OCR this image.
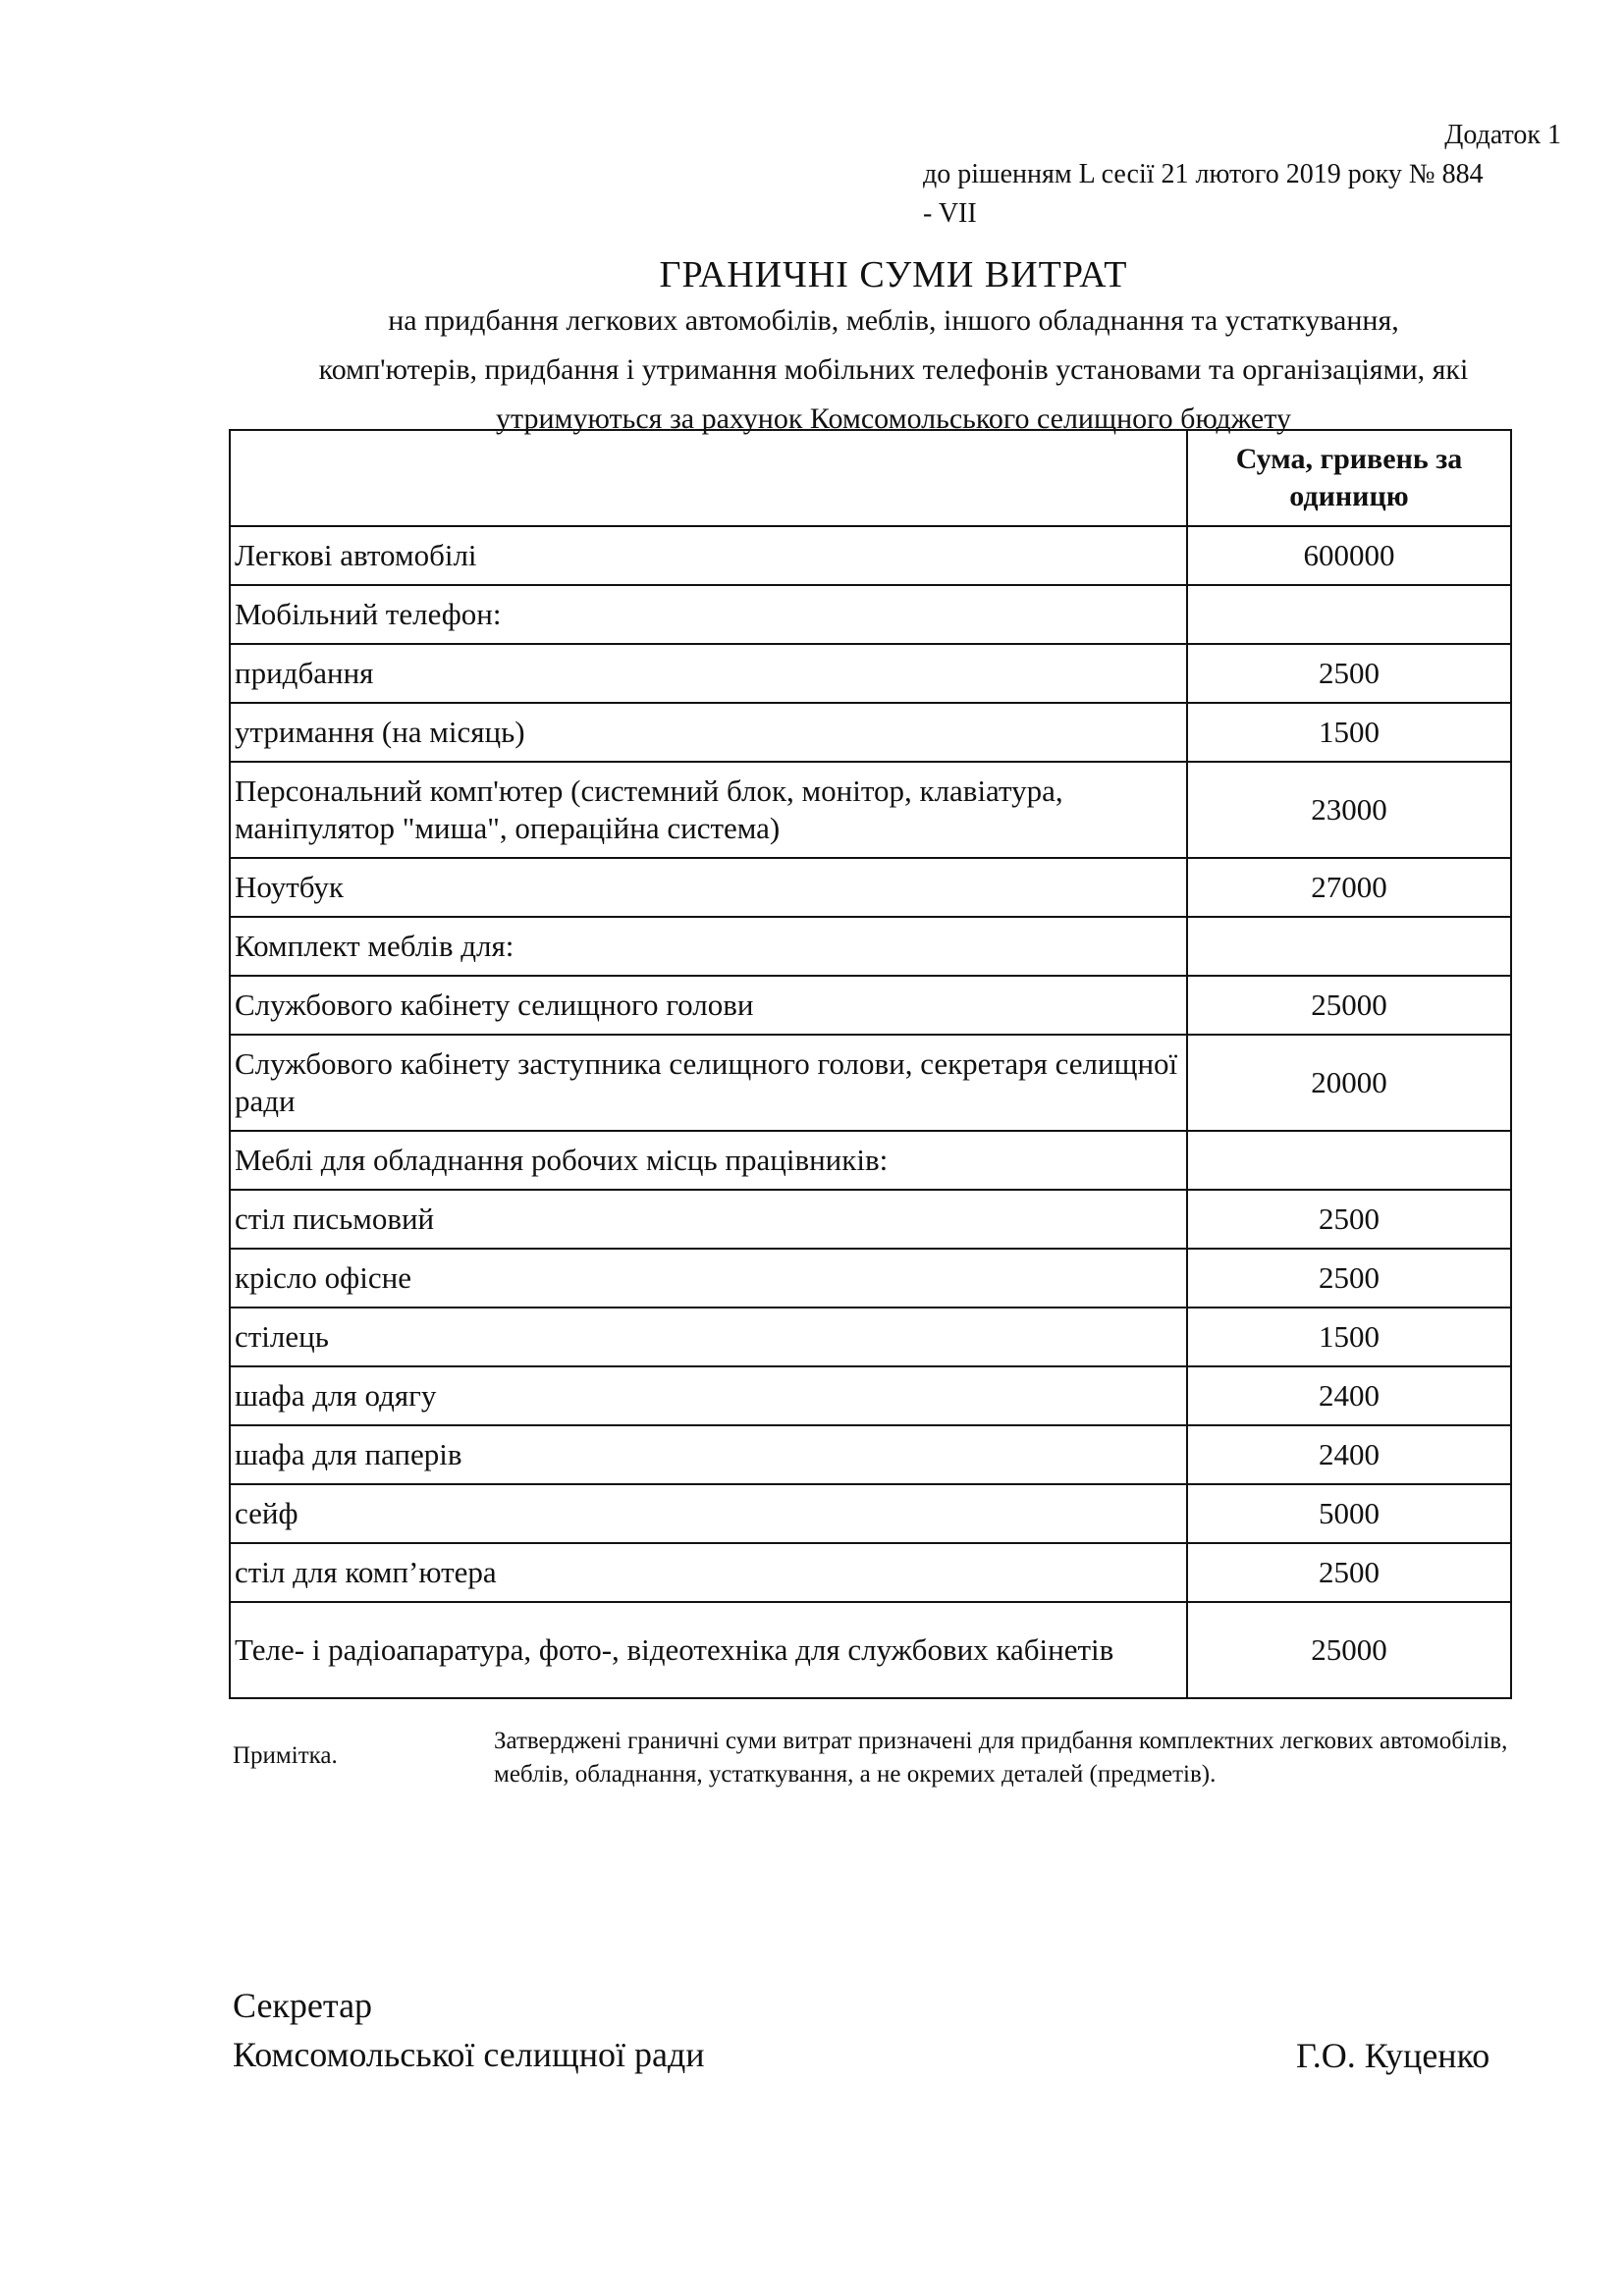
Додаток 1
до рішенням L сесії 21 лютого 2019 року № 884
- VII
ГРАНИЧНІ СУМИ ВИТРАТ
на придбання легкових автомобілів, меблів, іншого обладнання та устаткування,
комп'ютерів, придбання і утримання мобільних телефонів установами та організаціями, які
утримуються за рахунок Комсомольського селищного бюджету
	Сума, гривень за одиницю
Легкові автомобілі	600000
Мобільний телефон:	
придбання	2500
утримання (на місяць)	1500
Персональний комп'ютер (системний блок, монітор, клавіатура, маніпулятор "миша", операційна система)	23000
Ноутбук	27000
Комплект меблів для:	
Службового кабінету селищного голови	25000
Службового кабінету заступника селищного голови, секретаря селищної ради	20000
Меблі для обладнання робочих місць працівників:	
стіл письмовий	2500
крісло офісне	2500
стілець	1500
шафа для одягу	2400
шафа для паперів	2400
сейф	5000
стіл для комп’ютера	2500
Теле- і радіоапаратура, фото-, відеотехніка для службових кабінетів	25000
Примітка.
Затверджені граничні суми витрат призначені для придбання комплектних легкових автомобілів, меблів, обладнання, устаткування, а не окремих деталей (предметів).
Секретар
Комсомольської селищної ради	Г.О. Куценко
